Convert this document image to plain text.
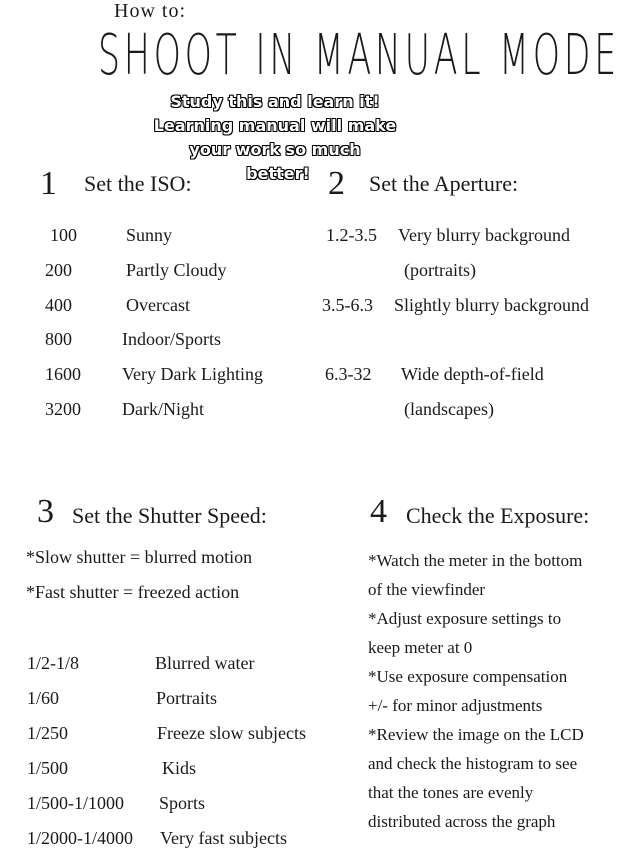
How to:
SHOOT IN MANUAL MODE
Study this and learn it!
Learning manual will make
your work so much
better!
1 Set the ISO:
100	Sunny
200	Partly Cloudy
400	Overcast
800	Indoor/Sports
1600 Very Dark Lighting
3200 Dark/Night
2 Set the Aperture:
1.2-3.5 Very blurry background
(portraits)
3.5-6.3 Slightly blurry background
6.3-32 Wide depth-of-field
(landscapes)
3 Set the Shutter Speed:
*Slow shutter = blurred motion
*Fast shutter = freezed action
1/2-1/8	Blurred water
1/60	Portraits
1/250	Freeze slow subjects
1/500	Kids
1/500-1/1000 Sports
1/2000-1/4000 Very fast subjects
4 Check the Exposure:
*Watch the meter in the bottom
of the viewfinder
*Adjust exposure settings to
keep meter at 0
*Use exposure compensation
+/- for minor adjustments
*Review the image on the LCD
and check the histogram to see
that the tones are evenly
distributed across the graph
